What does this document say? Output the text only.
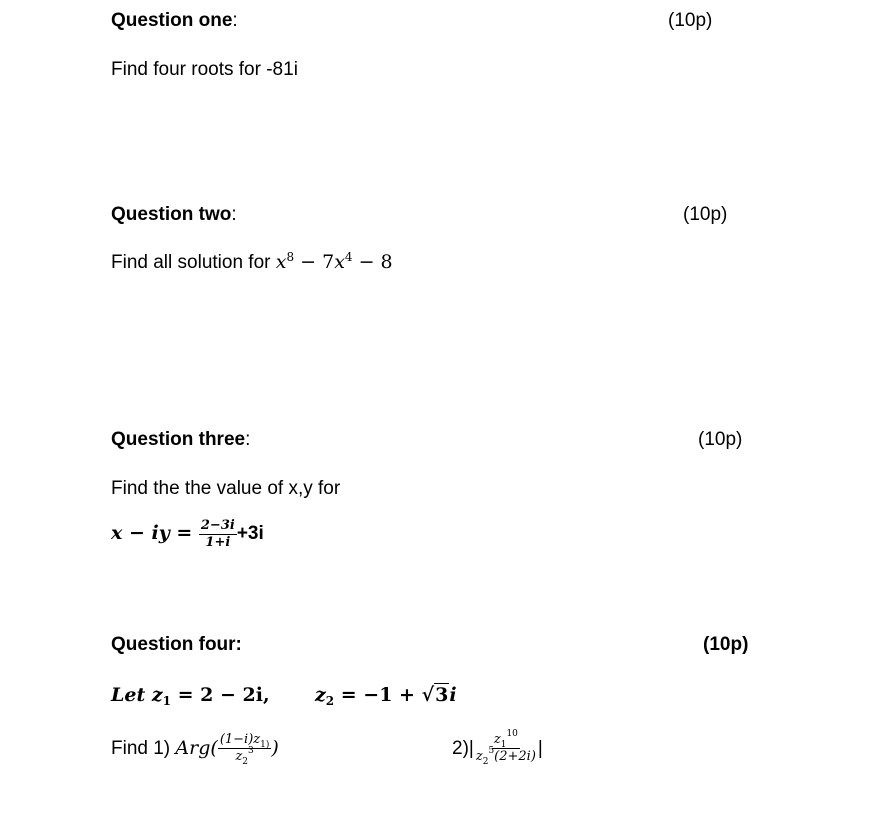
Question one:	(10p)
Find four roots for -81i
Question two:	(10p)
Find all solution for $x^8 - 7x^4 - 8$
Question three:	(10p)
Find the the value of x,y for
x − iy = $\frac{2-3i}{1+i} +3i$
Question four:	(10p)
Let $z_1 = 2 - 2i$, $z_2 = -1 + √3i$
Find 1) $Arg( \frac{(1-i)z_{1)}}{z_2^3}$ )	$2)| \frac{z_1^{10}}{z_2^5(2+2i)}$ |
